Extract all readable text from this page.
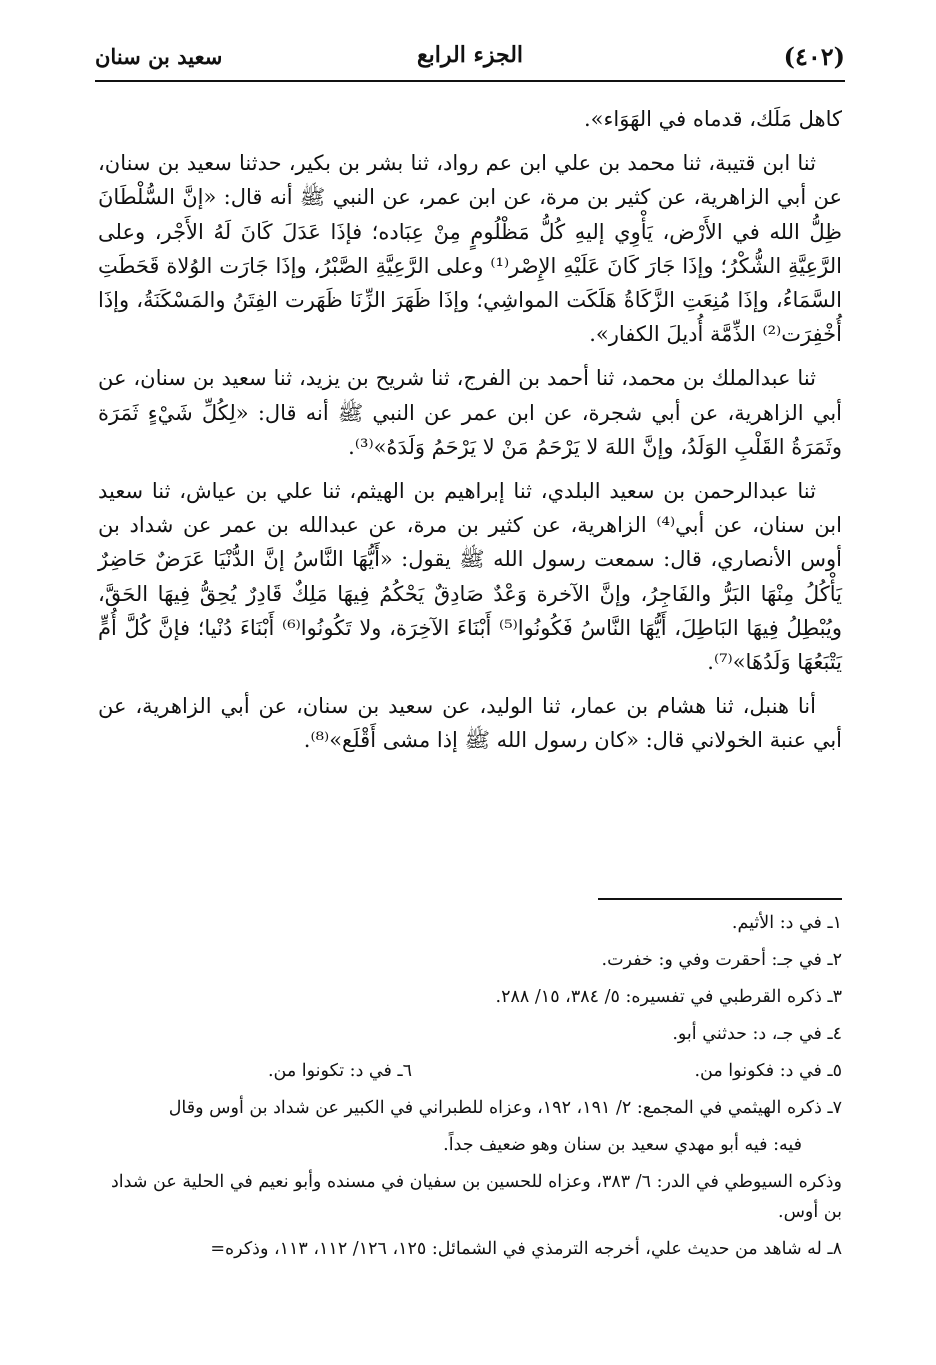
(٤٠٢)
الجزء الرابع
سعيد بن سنان

كاهل مَلَك، قدماه في الهَوَاء».

ثنا ابن قتيبة، ثنا محمد بن علي ابن عم رواد، ثنا بشر بن بكير، حدثنا سعيد بن سنان، عن أبي الزاهرية، عن كثير بن مرة، عن ابن عمر، عن النبي ﷺ أنه قال: «إنَّ السُّلْطَانَ ظِلُّ الله في الأَرْض، يَأْوِي إليهِ كُلُّ مَظْلُومٍ مِنْ عِبَاده؛ فإذَا عَدَلَ كَانَ لَهُ الأَجْر، وعلى الرَّعِيَّةِ الشُّكْرُ؛ وإذَا جَارَ كَانَ عَلَيْهِ الإِصْر⁽¹⁾ وعلى الرَّعِيَّةِ الصَّبْرُ، وإذَا جَارَت الوُلاة قَحَطَتِ السَّمَاءُ، وإذَا مُنِعَتِ الزَّكَاةُ هَلَكَت المواشِي؛ وإذَا ظَهَرَ الزِّنَا ظَهَرت الفِتَنُ والمَسْكَنَةُ، وإذَا أُخْفِرَت⁽²⁾ الذِّمَّة أُديلَ الكفار».

ثنا عبدالملك بن محمد، ثنا أحمد بن الفرج، ثنا شريح بن يزيد، ثنا سعيد بن سنان، عن أبي الزاهرية، عن أبي شجرة، عن ابن عمر عن النبي ﷺ أنه قال: «لِكُلِّ شَيْءٍ ثَمَرَة وثَمَرَةُ القَلْبِ الوَلَدُ، وإنَّ اللهَ لا يَرْحَمُ مَنْ لا يَرْحَمُ وَلَدَهُ»⁽³⁾.

ثنا عبدالرحمن بن سعيد البلدي، ثنا إبراهيم بن الهيثم، ثنا علي بن عياش، ثنا سعيد ابن سنان، عن أبي⁽⁴⁾ الزاهرية، عن كثير بن مرة، عن عبدالله بن عمر عن شداد بن أوس الأنصاري، قال: سمعت رسول الله ﷺ يقول: «أَيُّهَا النَّاسُ إنَّ الدُّنْيَا عَرَضٌ حَاضِرٌ يَأْكُلُ مِنْهَا البَرُّ والفَاجِرُ، وإنَّ الآخرة وَعْدٌ صَادِقٌ يَحْكُمُ فِيهَا مَلِكٌ قَادِرٌ يُحِقُّ فِيهَا الحَقَّ، ويُبْطِلُ فِيهَا البَاطِلَ، أَيُّهَا النَّاسُ فَكُونُوا⁽⁵⁾ أَبْنَاءَ الآخِرَة، ولا تَكُونُوا⁽⁶⁾ أَبْنَاءَ دُنْيا؛ فإنَّ كُلَّ أُمٍّ يَتْبَعُهَا وَلَدُهَا»⁽⁷⁾.

أنا هنبل، ثنا هشام بن عمار، ثنا الوليد، عن سعيد بن سنان، عن أبي الزاهرية، عن أبي عنبة الخولاني قال: «كان رسول الله ﷺ إذا مشى أَقْلَع»⁽⁸⁾.

١ـ في د: الأثيم.
٢ـ في جـ: أحقرت وفي و: خفرت.
٣ـ ذكره القرطبي في تفسيره: ٥/ ٣٨٤، ١٥/ ٢٨٨.
٤ـ في جـ، د: حدثني أبو.
٥ـ في د: فكونوا من.
٦ـ في د: تكونوا من.
٧ـ ذكره الهيثمي في المجمع: ٢/ ١٩١، ١٩٢، وعزاه للطبراني في الكبير عن شداد بن أوس وقال
فيه: فيه أبو مهدي سعيد بن سنان وهو ضعيف جداً.
وذكره السيوطي في الدر: ٦/ ٣٨٣، وعزاه للحسين بن سفيان في مسنده وأبو نعيم في الحلية عن شداد بن أوس.
٨ـ له شاهد من حديث علي، أخرجه الترمذي في الشمائل: ١٢٥، ١٢٦/ ١١٢، ١١٣، وذكره=
